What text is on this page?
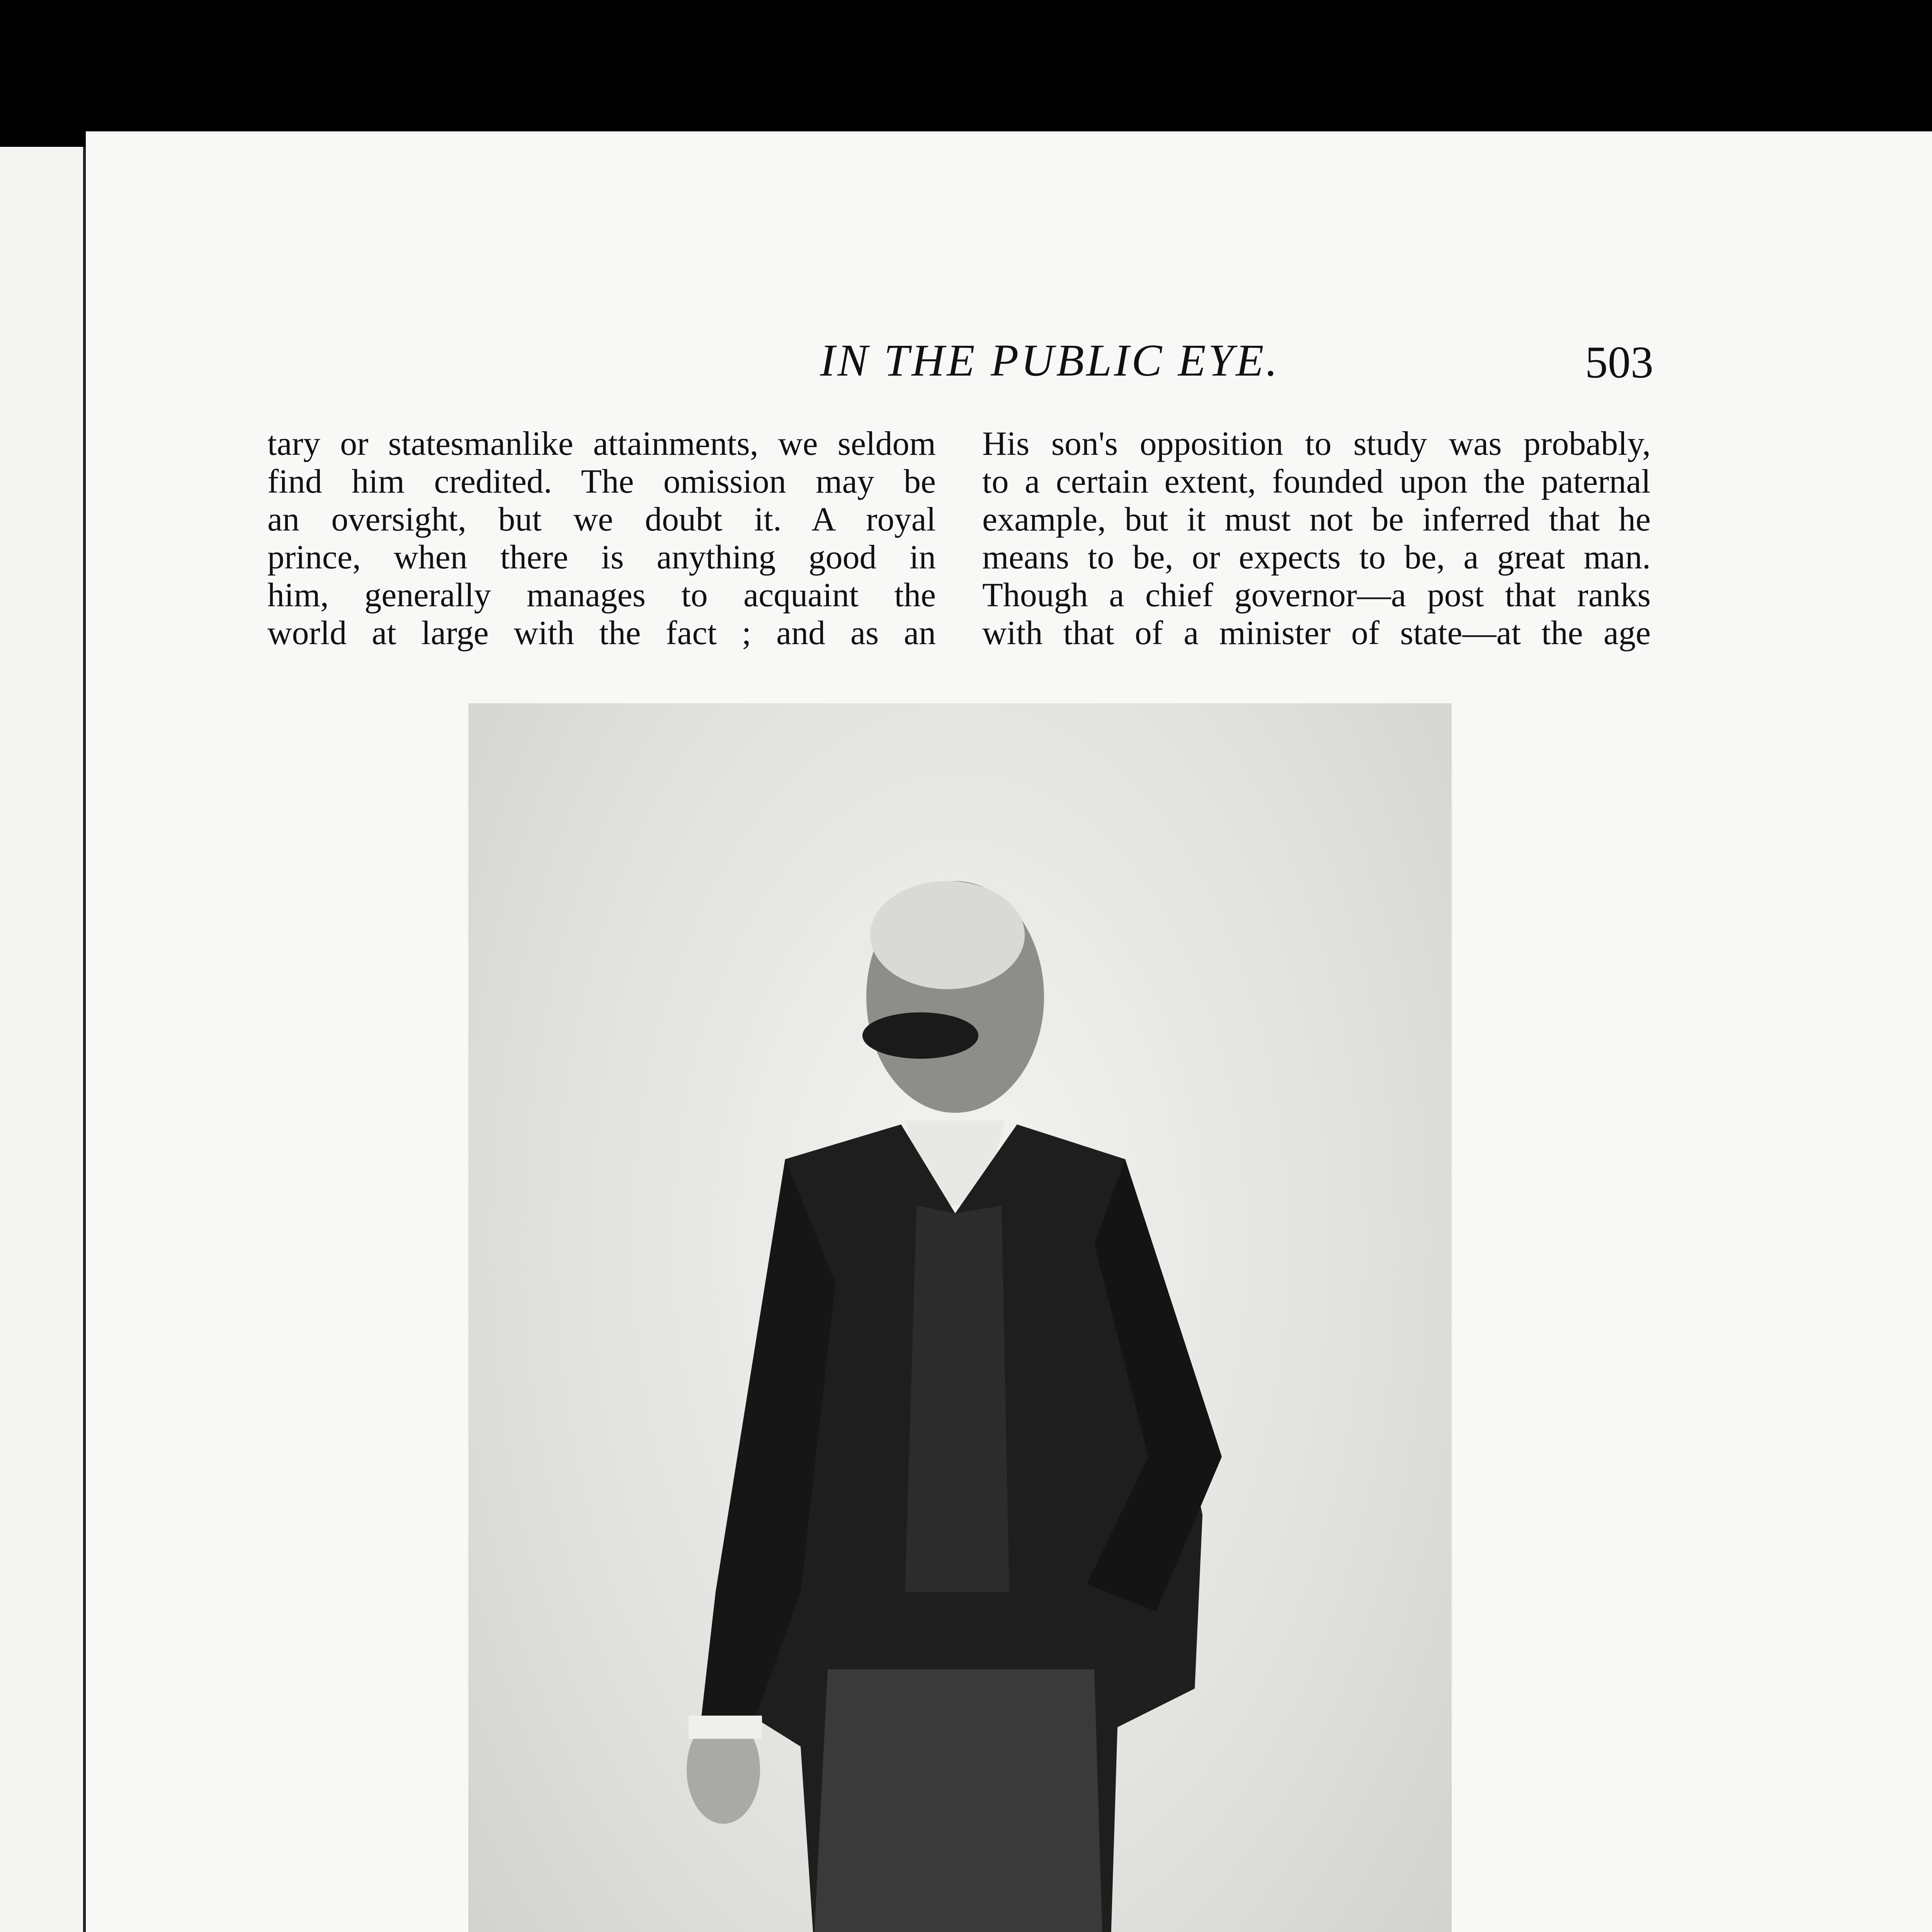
IN THE PUBLIC EYE.	503
tary or statesmanlike attainments, we seldom
find him credited. The omission may be
an oversight, but we doubt it. A royal
prince, when there is anything good in
him, generally manages to acquaint the
world at large with the fact ; and as an
His son's opposition to study was probably,
to a certain extent, founded upon the paternal
example, but it must not be inferred that he
means to be, or expects to be, a great man.
Though a chief governor—a post that ranks
with that of a minister of state—at the age
